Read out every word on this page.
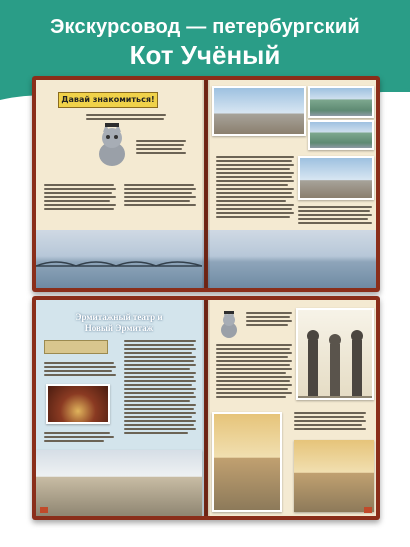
Экскурсовод — петербургский
Кот Учёный
Давай знакомиться!
Эрмитажный театр и Новый Эрмитаж
